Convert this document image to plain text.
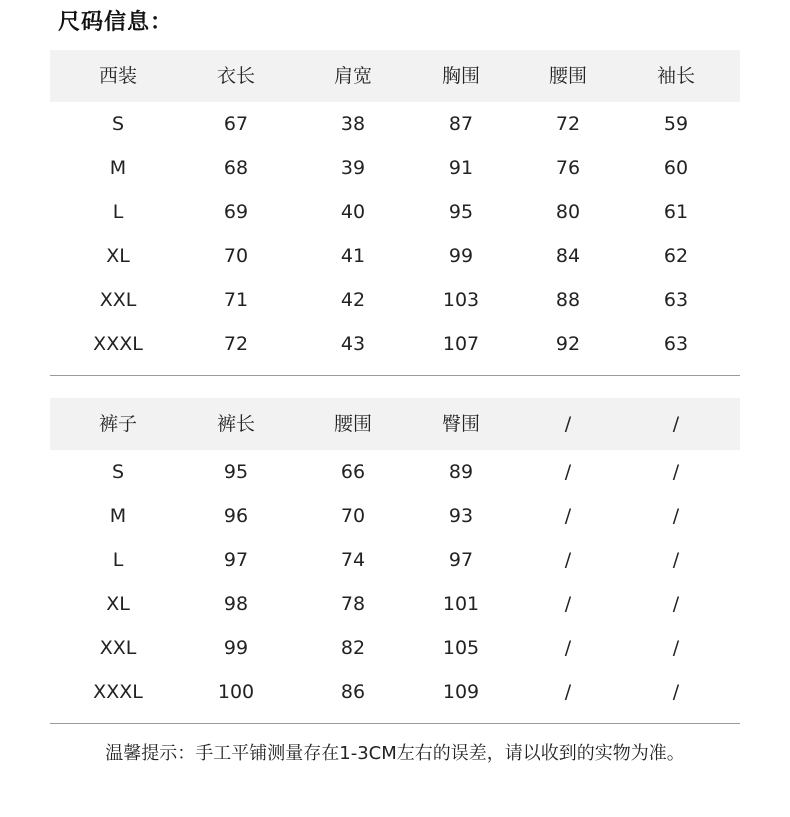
尺码信息：
西装	衣长	肩宽	胸围	腰围	袖长
S	67	38	87	72	59
M	68	39	91	76	60
L	69	40	95	80	61
XL	70	41	99	84	62
XXL	71	42	103	88	63
XXXL	72	43	107	92	63
裤子	裤长	腰围	臀围	/	/
S	95	66	89	/	/
M	96	70	93	/	/
L	97	74	97	/	/
XL	98	78	101	/	/
XXL	99	82	105	/	/
XXXL	100	86	109	/	/
温馨提示：手工平铺测量存在1-3CM左右的误差，请以收到的实物为准。
